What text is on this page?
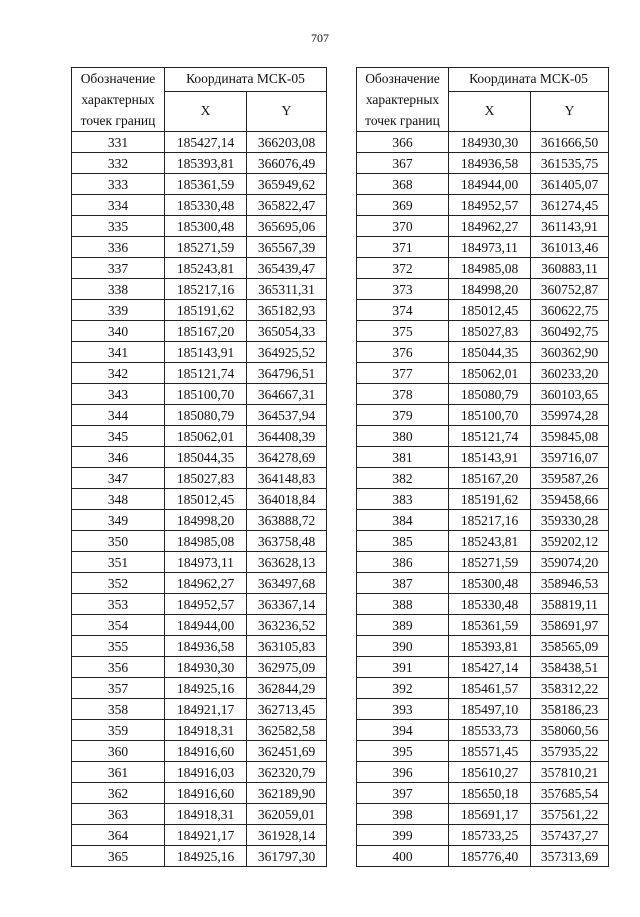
707
Обозначение характерных точек границ	Координата МСК-05	
	X	Y
331	185427,14	366203,08
332	185393,81	366076,49
333	185361,59	365949,62
334	185330,48	365822,47
335	185300,48	365695,06
336	185271,59	365567,39
337	185243,81	365439,47
338	185217,16	365311,31
339	185191,62	365182,93
340	185167,20	365054,33
341	185143,91	364925,52
342	185121,74	364796,51
343	185100,70	364667,31
344	185080,79	364537,94
345	185062,01	364408,39
346	185044,35	364278,69
347	185027,83	364148,83
348	185012,45	364018,84
349	184998,20	363888,72
350	184985,08	363758,48
351	184973,11	363628,13
352	184962,27	363497,68
353	184952,57	363367,14
354	184944,00	363236,52
355	184936,58	363105,83
356	184930,30	362975,09
357	184925,16	362844,29
358	184921,17	362713,45
359	184918,31	362582,58
360	184916,60	362451,69
361	184916,03	362320,79
362	184916,60	362189,90
363	184918,31	362059,01
364	184921,17	361928,14
365	184925,16	361797,30
Обозначение характерных точек границ	Координата МСК-05	
	X	Y
366	184930,30	361666,50
367	184936,58	361535,75
368	184944,00	361405,07
369	184952,57	361274,45
370	184962,27	361143,91
371	184973,11	361013,46
372	184985,08	360883,11
373	184998,20	360752,87
374	185012,45	360622,75
375	185027,83	360492,75
376	185044,35	360362,90
377	185062,01	360233,20
378	185080,79	360103,65
379	185100,70	359974,28
380	185121,74	359845,08
381	185143,91	359716,07
382	185167,20	359587,26
383	185191,62	359458,66
384	185217,16	359330,28
385	185243,81	359202,12
386	185271,59	359074,20
387	185300,48	358946,53
388	185330,48	358819,11
389	185361,59	358691,97
390	185393,81	358565,09
391	185427,14	358438,51
392	185461,57	358312,22
393	185497,10	358186,23
394	185533,73	358060,56
395	185571,45	357935,22
396	185610,27	357810,21
397	185650,18	357685,54
398	185691,17	357561,22
399	185733,25	357437,27
400	185776,40	357313,69
